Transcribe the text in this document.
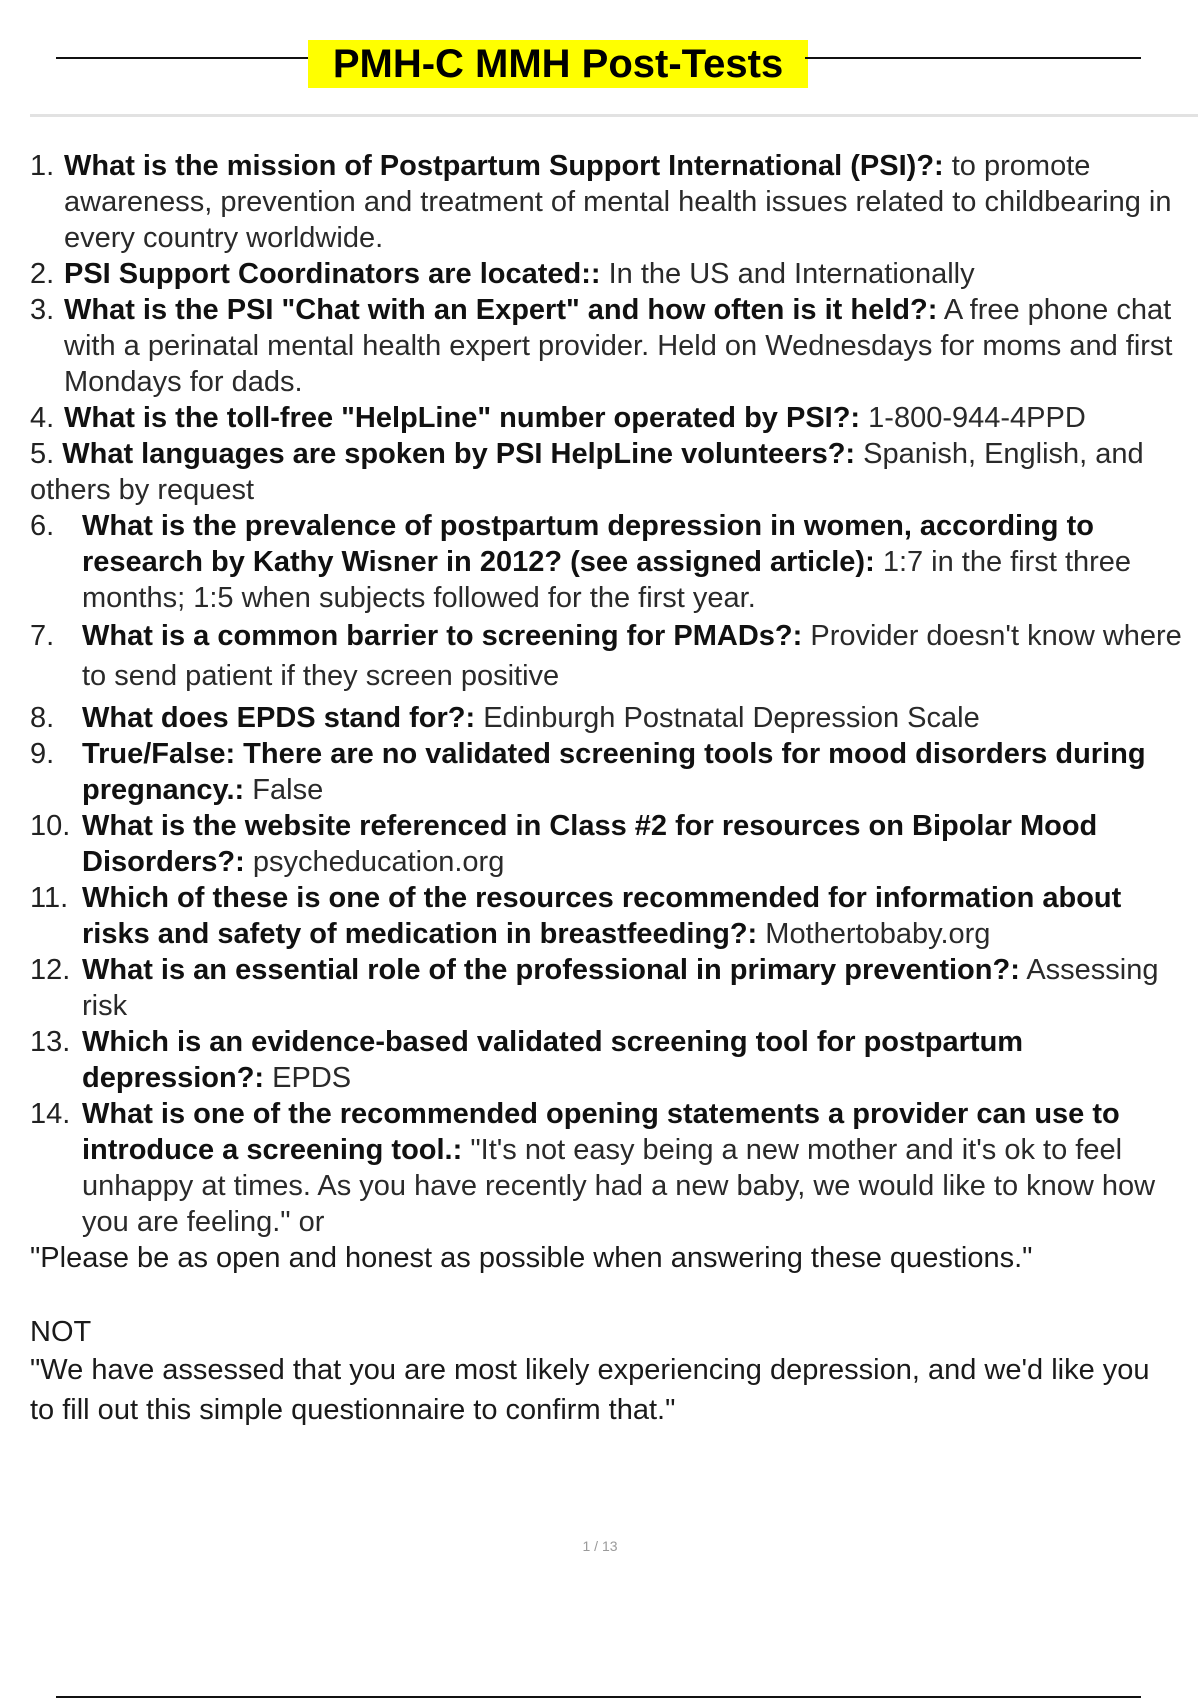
PMH-C MMH Post-Tests
1. What is the mission of Postpartum Support International (PSI)?: to promote awareness, prevention and treatment of mental health issues related to childbearing in every country worldwide.
2. PSI Support Coordinators are located:: In the US and Internationally
3. What is the PSI "Chat with an Expert" and how often is it held?: A free phone chat with a perinatal mental health expert provider. Held on Wednesdays for moms and first Mondays for dads.
4. What is the toll-free "HelpLine" number operated by PSI?: 1-800-944-4PPD
5. What languages are spoken by PSI HelpLine volunteers?: Spanish, English, and others by request
6. What is the prevalence of postpartum depression in women, according to research by Kathy Wisner in 2012? (see assigned article): 1:7 in the first three months; 1:5 when subjects followed for the first year.
7. What is a common barrier to screening for PMADs?: Provider doesn't know where to send patient if they screen positive
8. What does EPDS stand for?: Edinburgh Postnatal Depression Scale
9. True/False: There are no validated screening tools for mood disorders during pregnancy.: False
10. What is the website referenced in Class #2 for resources on Bipolar Mood Disorders?: psycheducation.org
11. Which of these is one of the resources recommended for information about risks and safety of medication in breastfeeding?: Mothertobaby.org
12. What is an essential role of the professional in primary prevention?: Assessing risk
13. Which is an evidence-based validated screening tool for postpartum depression?: EPDS
14. What is one of the recommended opening statements a provider can use to introduce a screening tool.: "It's not easy being a new mother and it's ok to feel unhappy at times. As you have recently had a new baby, we would like to know how you are feeling." or
"Please be as open and honest as possible when answering these questions."
NOT
"We have assessed that you are most likely experiencing depression, and we'd like you to fill out this simple questionnaire to confirm that."
1 / 13
